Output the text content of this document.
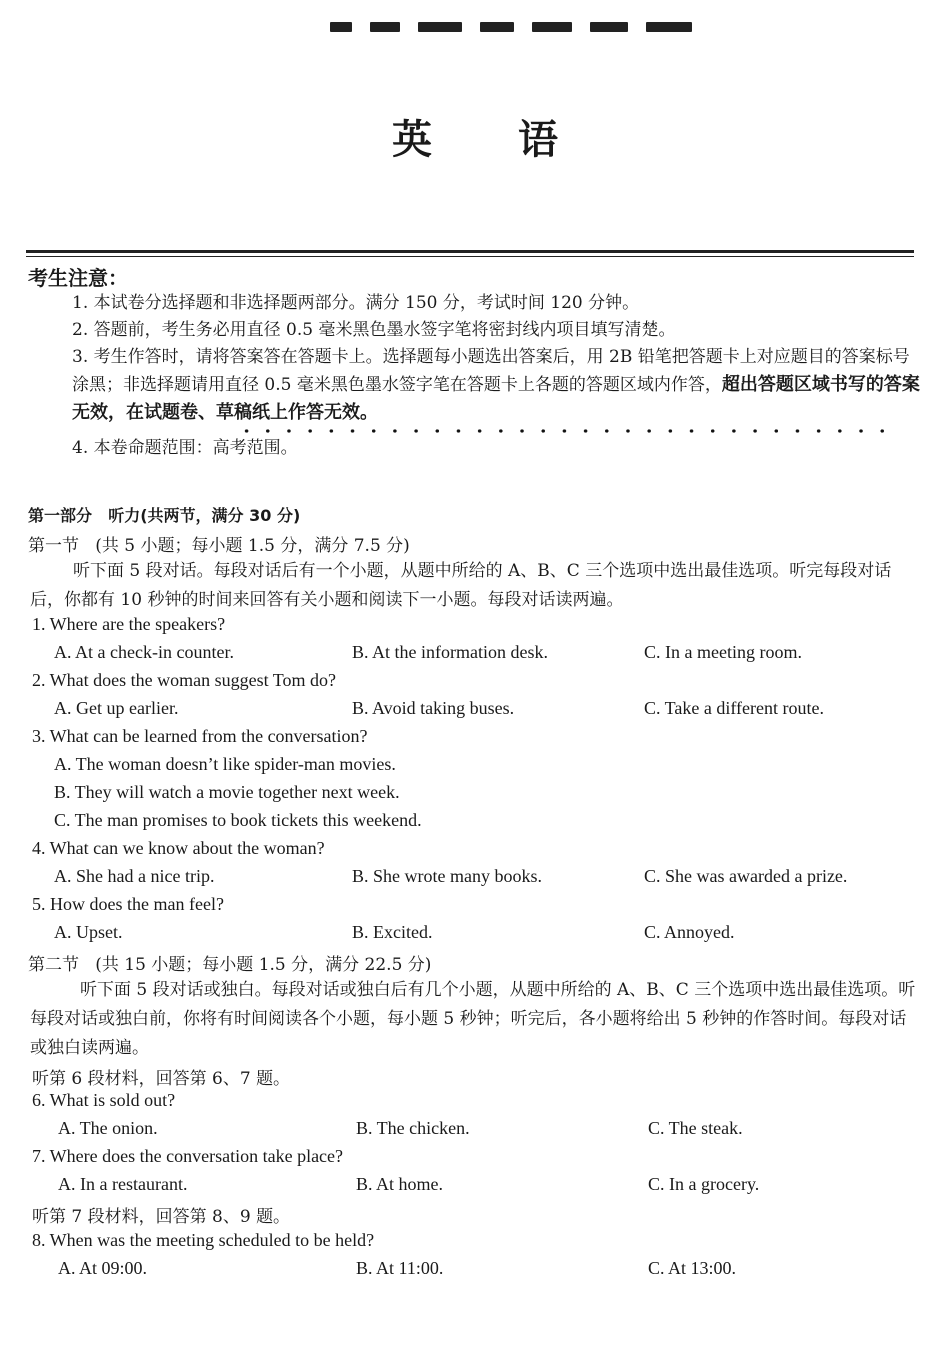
英 语
考生注意：
1. 本试卷分选择题和非选择题两部分。满分 150 分，考试时间 120 分钟。
2. 答题前，考生务必用直径 0.5 毫米黑色墨水签字笔将密封线内项目填写清楚。
3. 考生作答时，请将答案答在答题卡上。选择题每小题选出答案后，用 2B 铅笔把答题卡上对应题目的答案标号涂黑；非选择题请用直径 0.5 毫米黑色墨水签字笔在答题卡上各题的答题区域内作答，超出答题区域书写的答案无效，在试题卷、草稿纸上作答无效。
4. 本卷命题范围：高考范围。
第一部分 听力(共两节，满分 30 分)
第一节 (共 5 小题；每小题 1.5 分，满分 7.5 分)
听下面 5 段对话。每段对话后有一个小题，从题中所给的 A、B、C 三个选项中选出最佳选项。听完每段对话后，你都有 10 秒钟的时间来回答有关小题和阅读下一小题。每段对话读两遍。
1. Where are the speakers?
A. At a check-in counter.	B. At the information desk.	C. In a meeting room.
2. What does the woman suggest Tom do?
A. Get up earlier.	B. Avoid taking buses.	C. Take a different route.
3. What can be learned from the conversation?
A. The woman doesn’t like spider-man movies.
B. They will watch a movie together next week.
C. The man promises to book tickets this weekend.
4. What can we know about the woman?
A. She had a nice trip.	B. She wrote many books.	C. She was awarded a prize.
5. How does the man feel?
A. Upset.	B. Excited.	C. Annoyed.
第二节 (共 15 小题；每小题 1.5 分，满分 22.5 分)
听下面 5 段对话或独白。每段对话或独白后有几个小题，从题中所给的 A、B、C 三个选项中选出最佳选项。听每段对话或独白前，你将有时间阅读各个小题，每小题 5 秒钟；听完后，各小题将给出 5 秒钟的作答时间。每段对话或独白读两遍。
听第 6 段材料，回答第 6、7 题。
6. What is sold out?
A. The onion.	B. The chicken.	C. The steak.
7. Where does the conversation take place?
A. In a restaurant.	B. At home.	C. In a grocery.
听第 7 段材料，回答第 8、9 题。
8. When was the meeting scheduled to be held?
A. At 09:00.	B. At 11:00.	C. At 13:00.
